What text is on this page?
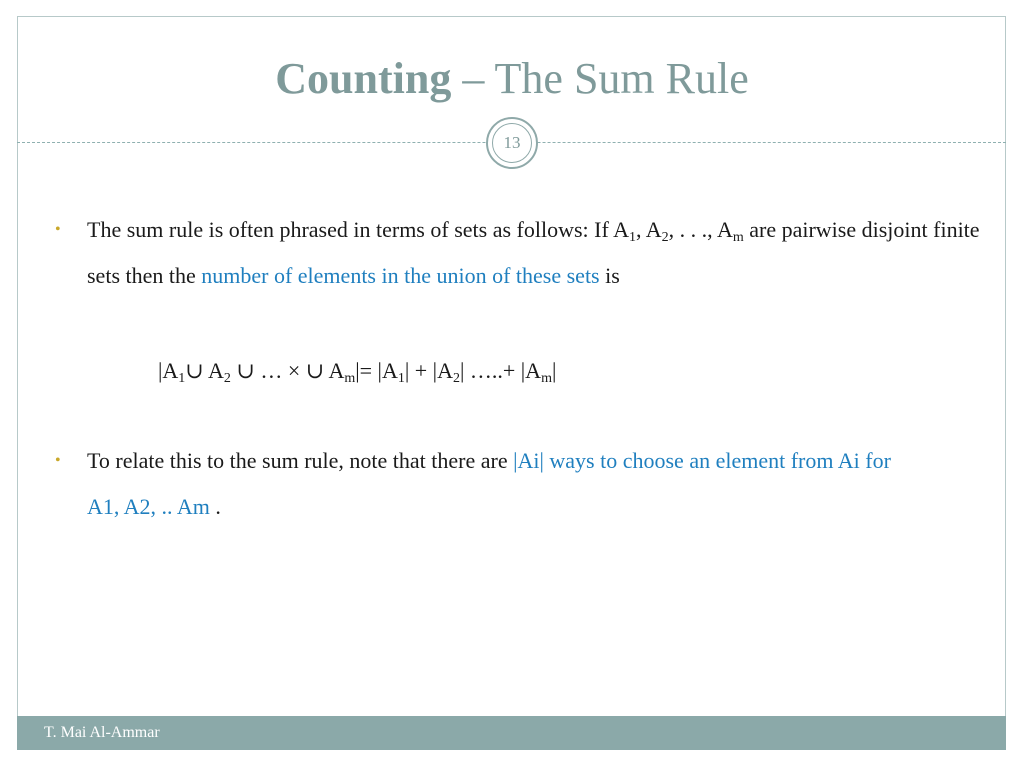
Counting – The Sum Rule
13
• The sum rule is often phrased in terms of sets as follows: If $A_1$, $A_2$, . . ., $A_m$ are pairwise disjoint finite sets then the number of elements in the union of these sets is
$|A_1\cup$ $A_2$ ∪ … × ∪ $A_m|= |A_1| + |A_2|$ …..+ $|A_m|$
• To relate this to the sum rule, note that there are |Ai| ways to choose an element from Ai for A1, A2, .. Am .
T. Mai Al-Ammar
